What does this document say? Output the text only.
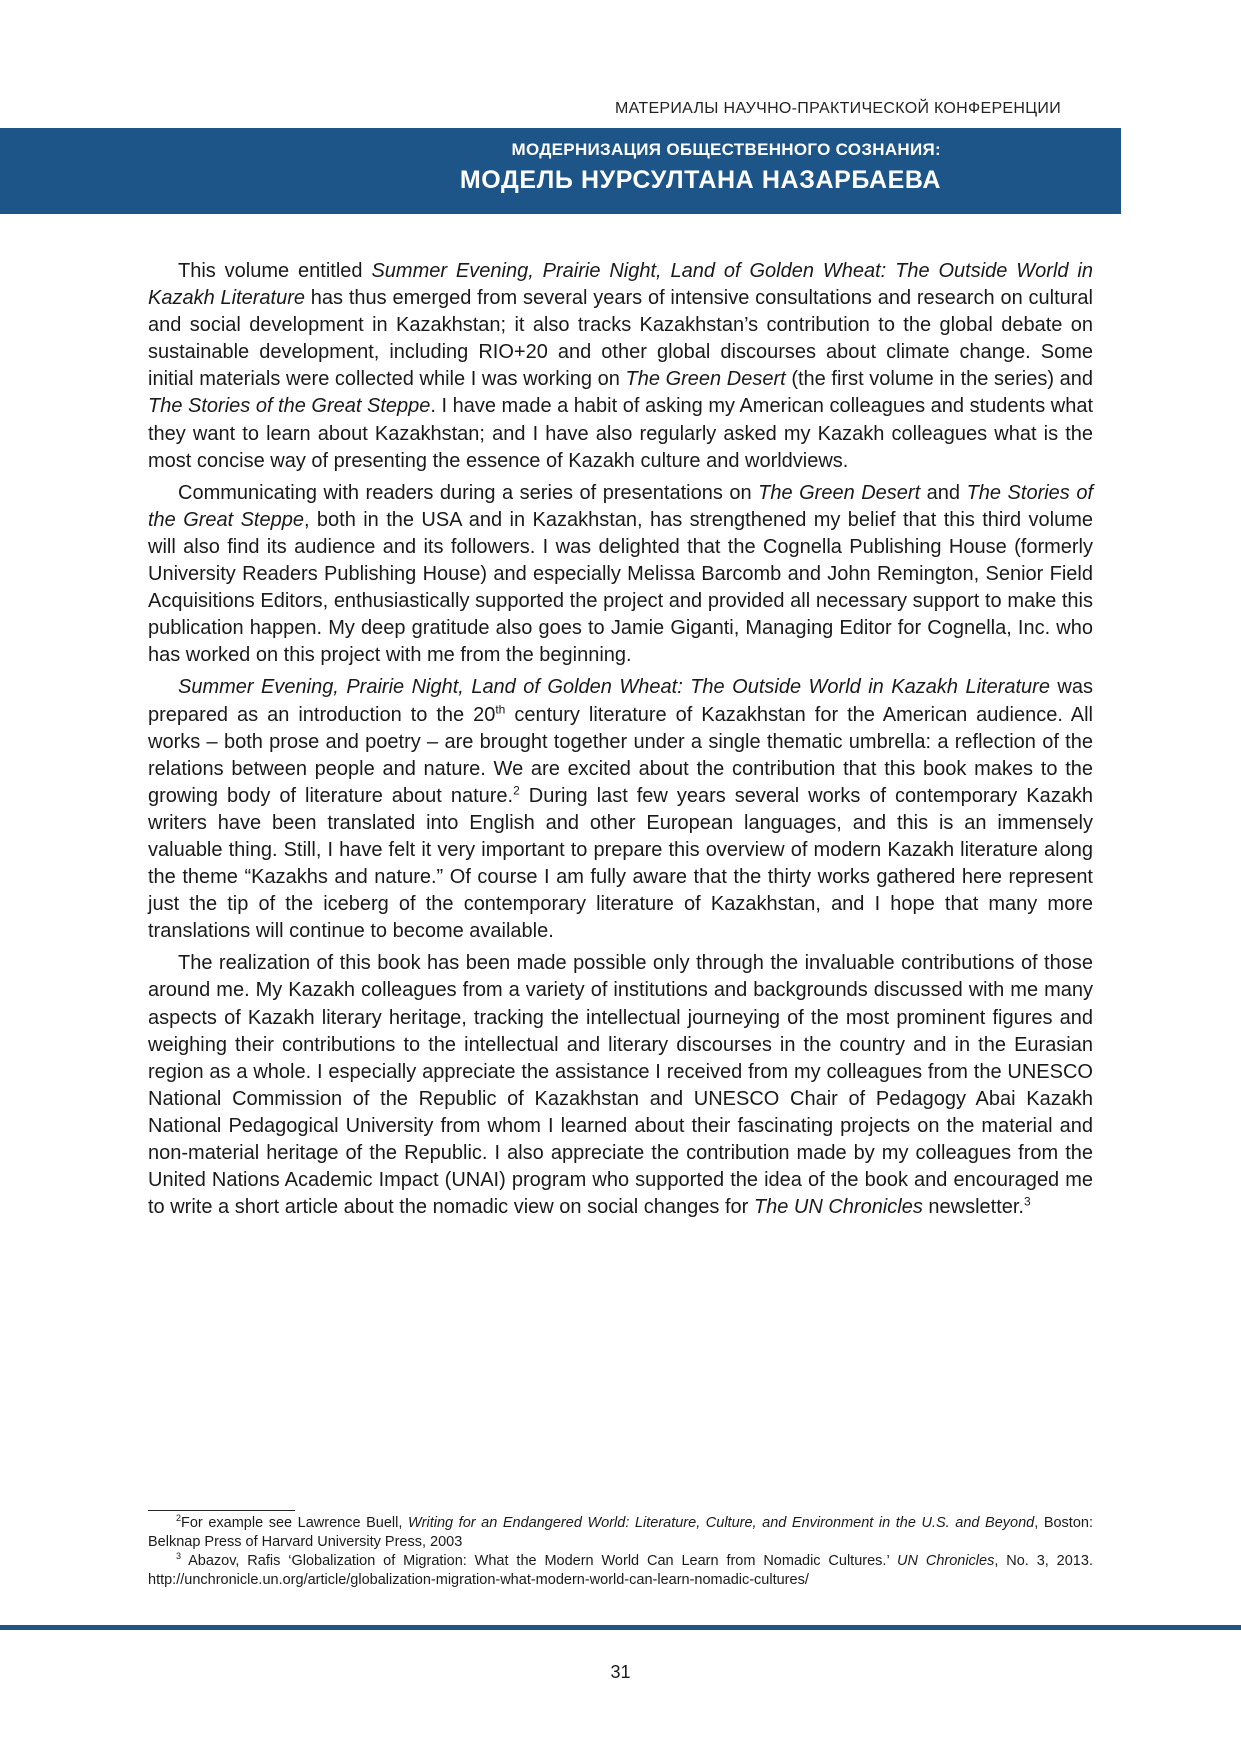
МАТЕРИАЛЫ НАУЧНО-ПРАКТИЧЕСКОЙ КОНФЕРЕНЦИИ
МОДЕРНИЗАЦИЯ ОБЩЕСТВЕННОГО СОЗНАНИЯ:
МОДЕЛЬ НУРСУЛТАНА НАЗАРБАЕВА

This volume entitled Summer Evening, Prairie Night, Land of Golden Wheat: The Outside World in Kazakh Literature has thus emerged from several years of intensive consultations and research on cultural and social development in Kazakhstan; it also tracks Kazakhstan’s contribution to the global debate on sustainable development, including RIO+20 and other global discourses about climate change. Some initial materials were collected while I was working on The Green Desert (the first volume in the series) and The Stories of the Great Steppe. I have made a habit of asking my American colleagues and students what they want to learn about Kazakhstan; and I have also regularly asked my Kazakh colleagues what is the most concise way of presenting the essence of Kazakh culture and worldviews.

Communicating with readers during a series of presentations on The Green Desert and The Stories of the Great Steppe, both in the USA and in Kazakhstan, has strengthened my belief that this third volume will also find its audience and its followers. I was delighted that the Cognella Publishing House (formerly University Readers Publishing House) and especially Melissa Barcomb and John Remington, Senior Field Acquisitions Editors, enthusiastically supported the project and provided all necessary support to make this publication happen. My deep gratitude also goes to Jamie Giganti, Managing Editor for Cognella, Inc. who has worked on this project with me from the beginning.

Summer Evening, Prairie Night, Land of Golden Wheat: The Outside World in Kazakh Literature was prepared as an introduction to the 20th century literature of Kazakhstan for the American audience. All works – both prose and poetry – are brought together under a single thematic umbrella: a reflection of the relations between people and nature. We are excited about the contribution that this book makes to the growing body of literature about nature.$^2$ During last few years several works of contemporary Kazakh writers have been translated into English and other European languages, and this is an immensely valuable thing. Still, I have felt it very important to prepare this overview of modern Kazakh literature along the theme “Kazakhs and nature.” Of course I am fully aware that the thirty works gathered here represent just the tip of the iceberg of the contemporary literature of Kazakhstan, and I hope that many more translations will continue to become available.

The realization of this book has been made possible only through the invaluable contributions of those around me. My Kazakh colleagues from a variety of institutions and backgrounds discussed with me many aspects of Kazakh literary heritage, tracking the intellectual journeying of the most prominent figures and weighing their contributions to the intellectual and literary discourses in the country and in the Eurasian region as a whole. I especially appreciate the assistance I received from my colleagues from the UNESCO National Commission of the Republic of Kazakhstan and UNESCO Chair of Pedagogy Abai Kazakh National Pedagogical University from whom I learned about their fascinating projects on the material and non-material heritage of the Republic. I also appreciate the contribution made by my colleagues from the United Nations Academic Impact (UNAI) program who supported the idea of the book and encouraged me to write a short article about the nomadic view on social changes for The UN Chronicles newsletter.$^3$

$^2$For example see Lawrence Buell, Writing for an Endangered World: Literature, Culture, and Environment in the U.S. and Beyond, Boston: Belknap Press of Harvard University Press, 2003

$^3$ Abazov, Rafis ‘Globalization of Migration: What the Modern World Can Learn from Nomadic Cultures.’ UN Chronicles, No. 3, 2013. http://unchronicle.un.org/article/globalization-migration-what-modern-world-can-learn-nomadic-cultures/

31
